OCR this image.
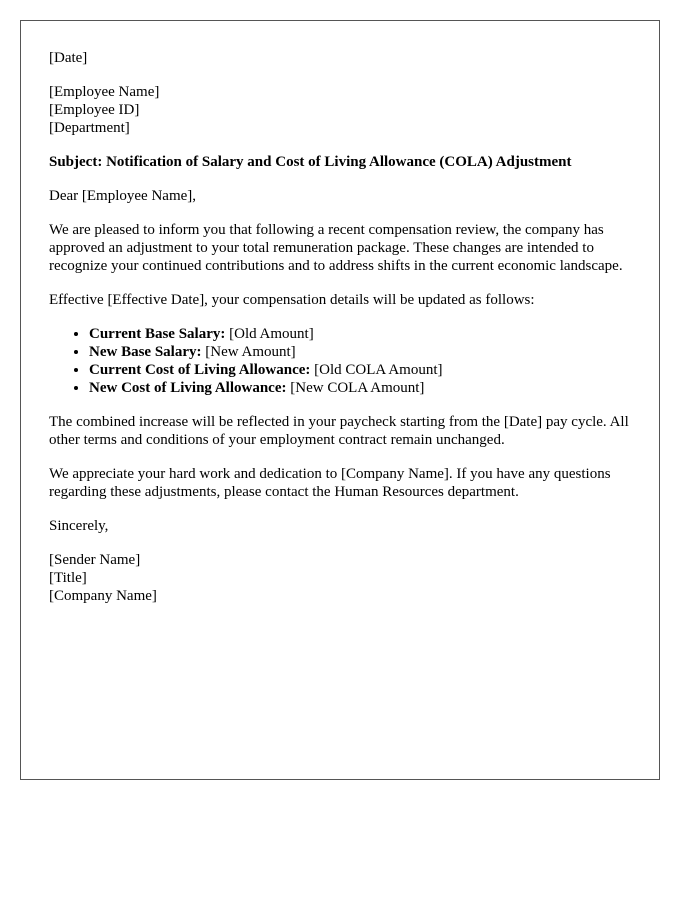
[Date]

[Employee Name]
[Employee ID]
[Department]

Subject: Notification of Salary and Cost of Living Allowance (COLA) Adjustment

Dear [Employee Name],

We are pleased to inform you that following a recent compensation review, the company has approved an adjustment to your total remuneration package. These changes are intended to recognize your continued contributions and to address shifts in the current economic landscape.

Effective [Effective Date], your compensation details will be updated as follows:

• Current Base Salary: [Old Amount]
• New Base Salary: [New Amount]
• Current Cost of Living Allowance: [Old COLA Amount]
• New Cost of Living Allowance: [New COLA Amount]

The combined increase will be reflected in your paycheck starting from the [Date] pay cycle. All other terms and conditions of your employment contract remain unchanged.

We appreciate your hard work and dedication to [Company Name]. If you have any questions regarding these adjustments, please contact the Human Resources department.

Sincerely,

[Sender Name]
[Title]
[Company Name]
